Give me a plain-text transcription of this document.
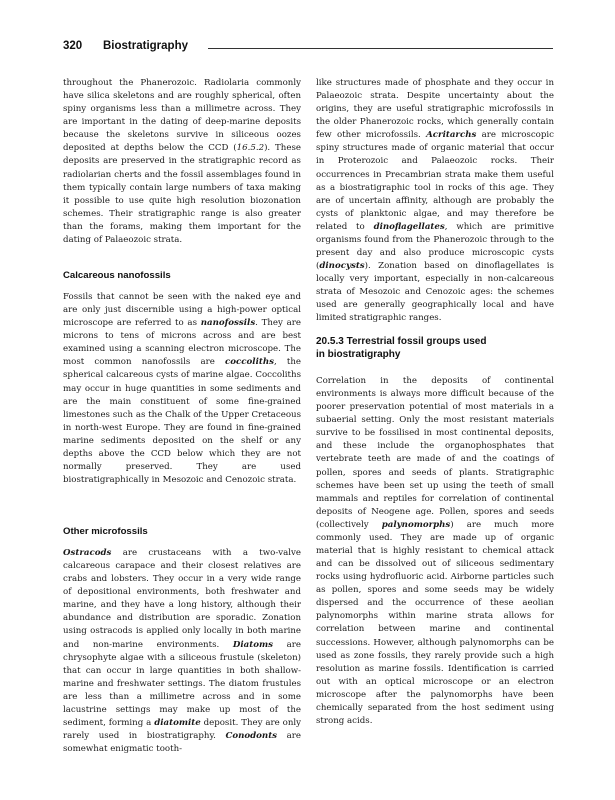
320 Biostratigraphy

throughout the Phanerozoic. Radiolaria commonly have silica skeletons and are roughly spherical, often spiny organisms less than a millimetre across. They are important in the dating of deep-marine deposits because the skeletons survive in siliceous oozes deposited at depths below the CCD (16.5.2). These deposits are preserved in the stratigraphic record as radiolarian cherts and the fossil assemblages found in them typically contain large numbers of taxa making it possible to use quite high resolution biozonation schemes. Their stratigraphic range is also greater than the forams, making them important for the dating of Palaeozoic strata.

Calcareous nanofossils

Fossils that cannot be seen with the naked eye and are only just discernible using a high-power optical microscope are referred to as nanofossils. They are microns to tens of microns across and are best examined using a scanning electron microscope. The most common nanofossils are coccoliths, the spherical calcareous cysts of marine algae. Coccoliths may occur in huge quantities in some sediments and are the main constituent of some fine-grained limestones such as the Chalk of the Upper Cretaceous in north-west Europe. They are found in fine-grained marine sediments deposited on the shelf or any depths above the CCD below which they are not normally preserved. They are used biostratigraphically in Mesozoic and Cenozoic strata.

Other microfossils

Ostracods are crustaceans with a two-valve calcareous carapace and their closest relatives are crabs and lobsters. They occur in a very wide range of depositional environments, both freshwater and marine, and they have a long history, although their abundance and distribution are sporadic. Zonation using ostracods is applied only locally in both marine and non-marine environments. Diatoms are chrysophyte algae with a siliceous frustule (skeleton) that can occur in large quantities in both shallow-marine and freshwater settings. The diatom frustules are less than a millimetre across and in some lacustrine settings may make up most of the sediment, forming a diatomite deposit. They are only rarely used in biostratigraphy. Conodonts are somewhat enigmatic tooth-

like structures made of phosphate and they occur in Palaeozoic strata. Despite uncertainty about the origins, they are useful stratigraphic microfossils in the older Phanerozoic rocks, which generally contain few other microfossils. Acritarchs are microscopic spiny structures made of organic material that occur in Proterozoic and Palaeozoic rocks. Their occurrences in Precambrian strata make them useful as a biostratigraphic tool in rocks of this age. They are of uncertain affinity, although are probably the cysts of planktonic algae, and may therefore be related to dinoflagellates, which are primitive organisms found from the Phanerozoic through to the present day and also produce microscopic cysts (dinocysts). Zonation based on dinoflagellates is locally very important, especially in non-calcareous strata of Mesozoic and Cenozoic ages: the schemes used are generally geographically local and have limited stratigraphic ranges.

20.5.3 Terrestrial fossil groups used
in biostratigraphy

Correlation in the deposits of continental environments is always more difficult because of the poorer preservation potential of most materials in a subaerial setting. Only the most resistant materials survive to be fossilised in most continental deposits, and these include the organophosphates that vertebrate teeth are made of and the coatings of pollen, spores and seeds of plants. Stratigraphic schemes have been set up using the teeth of small mammals and reptiles for correlation of continental deposits of Neogene age. Pollen, spores and seeds (collectively palynomorphs) are much more commonly used. They are made up of organic material that is highly resistant to chemical attack and can be dissolved out of siliceous sedimentary rocks using hydrofluoric acid. Airborne particles such as pollen, spores and some seeds may be widely dispersed and the occurrence of these aeolian palynomorphs within marine strata allows for correlation between marine and continental successions. However, although palynomorphs can be used as zone fossils, they rarely provide such a high resolution as marine fossils. Identification is carried out with an optical microscope or an electron microscope after the palynomorphs have been chemically separated from the host sediment using strong acids.
